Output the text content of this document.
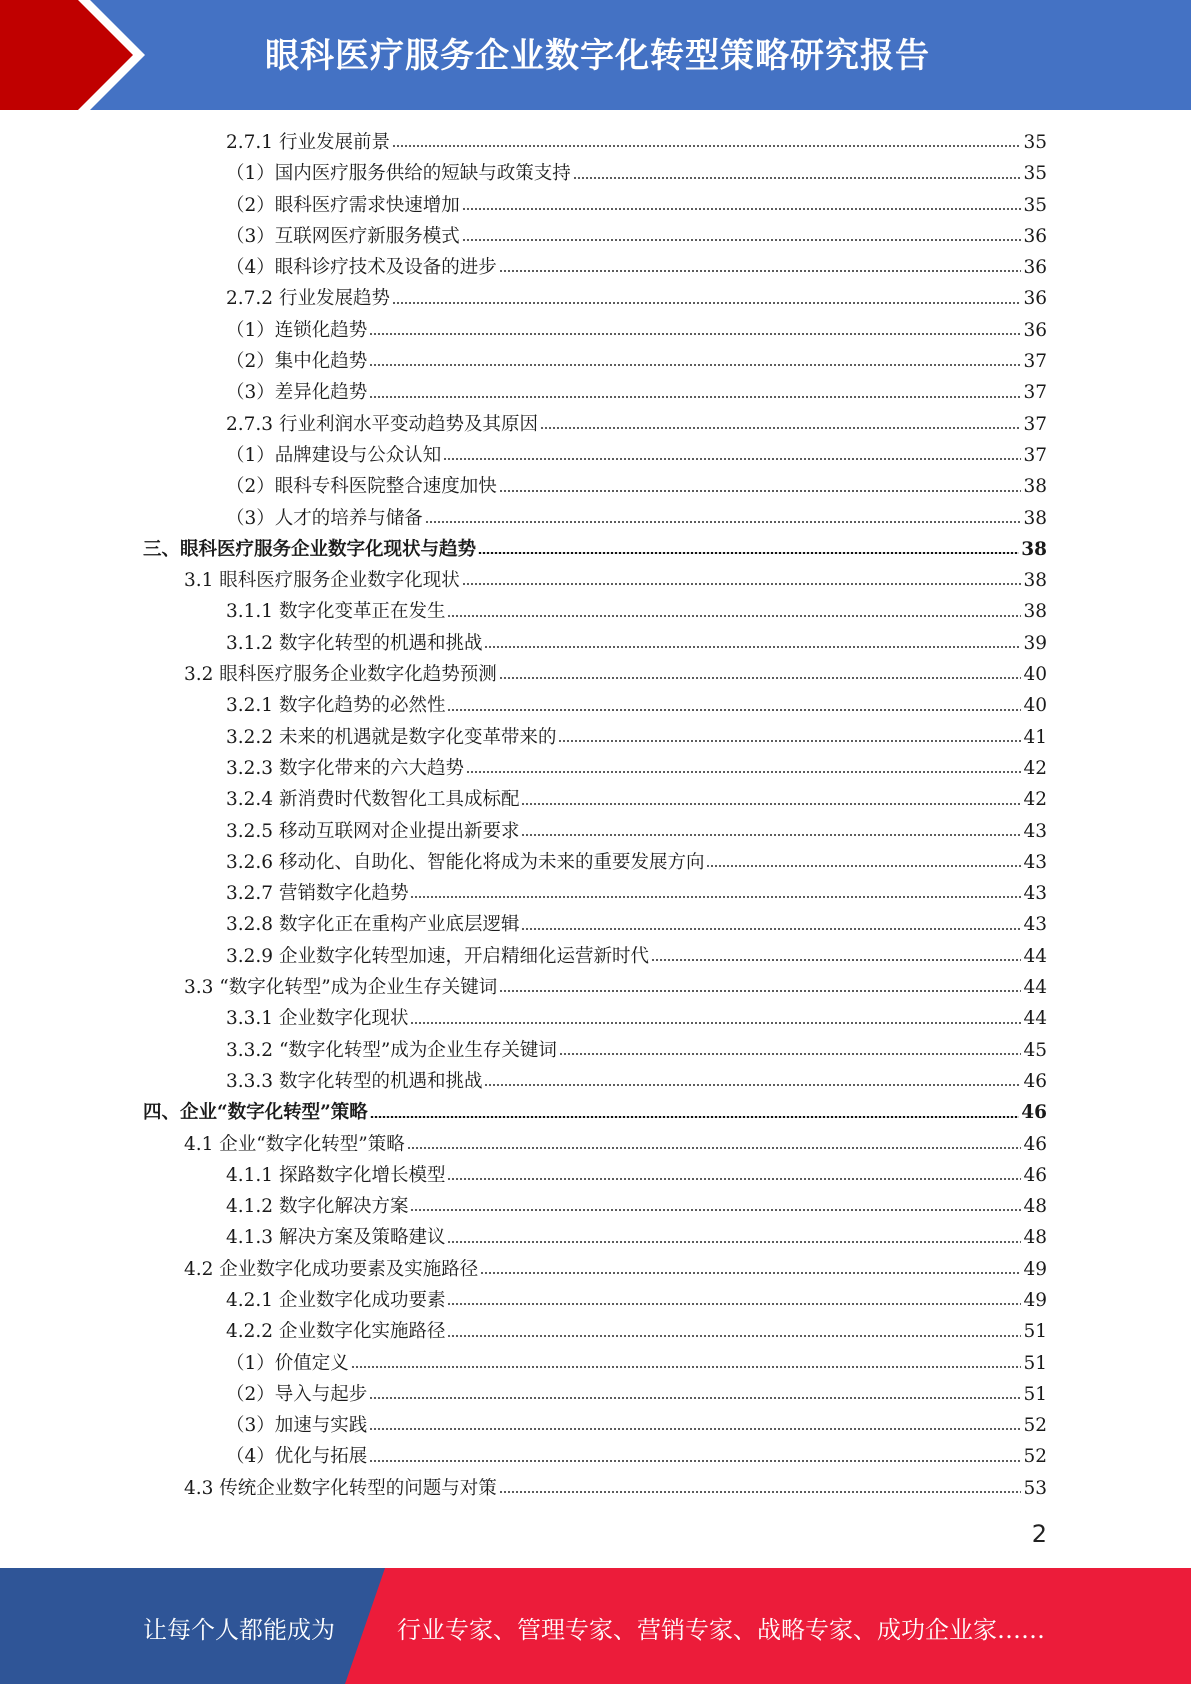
眼科医疗服务企业数字化转型策略研究报告
2.7.1 行业发展前景	35
（1）国内医疗服务供给的短缺与政策支持	35
（2）眼科医疗需求快速增加	35
（3）互联网医疗新服务模式	36
（4）眼科诊疗技术及设备的进步	36
2.7.2 行业发展趋势	36
（1）连锁化趋势	36
（2）集中化趋势	37
（3）差异化趋势	37
2.7.3 行业利润水平变动趋势及其原因	37
（1）品牌建设与公众认知	37
（2）眼科专科医院整合速度加快	38
（3）人才的培养与储备	38
三、眼科医疗服务企业数字化现状与趋势	38
3.1 眼科医疗服务企业数字化现状	38
3.1.1 数字化变革正在发生	38
3.1.2 数字化转型的机遇和挑战	39
3.2 眼科医疗服务企业数字化趋势预测	40
3.2.1 数字化趋势的必然性	40
3.2.2 未来的机遇就是数字化变革带来的	41
3.2.3 数字化带来的六大趋势	42
3.2.4 新消费时代数智化工具成标配	42
3.2.5 移动互联网对企业提出新要求	43
3.2.6 移动化、自助化、智能化将成为未来的重要发展方向	43
3.2.7 营销数字化趋势	43
3.2.8 数字化正在重构产业底层逻辑	43
3.2.9 企业数字化转型加速，开启精细化运营新时代	44
3.3 “数字化转型”成为企业生存关键词	44
3.3.1 企业数字化现状	44
3.3.2 “数字化转型”成为企业生存关键词	45
3.3.3 数字化转型的机遇和挑战	46
四、企业“数字化转型”策略	46
4.1 企业“数字化转型”策略	46
4.1.1 探路数字化增长模型	46
4.1.2 数字化解决方案	48
4.1.3 解决方案及策略建议	48
4.2 企业数字化成功要素及实施路径	49
4.2.1 企业数字化成功要素	49
4.2.2 企业数字化实施路径	51
（1）价值定义	51
（2）导入与起步	51
（3）加速与实践	52
（4）优化与拓展	52
4.3 传统企业数字化转型的问题与对策	53
2
让每个人都能成为	行业专家、管理专家、营销专家、战略专家、成功企业家……
